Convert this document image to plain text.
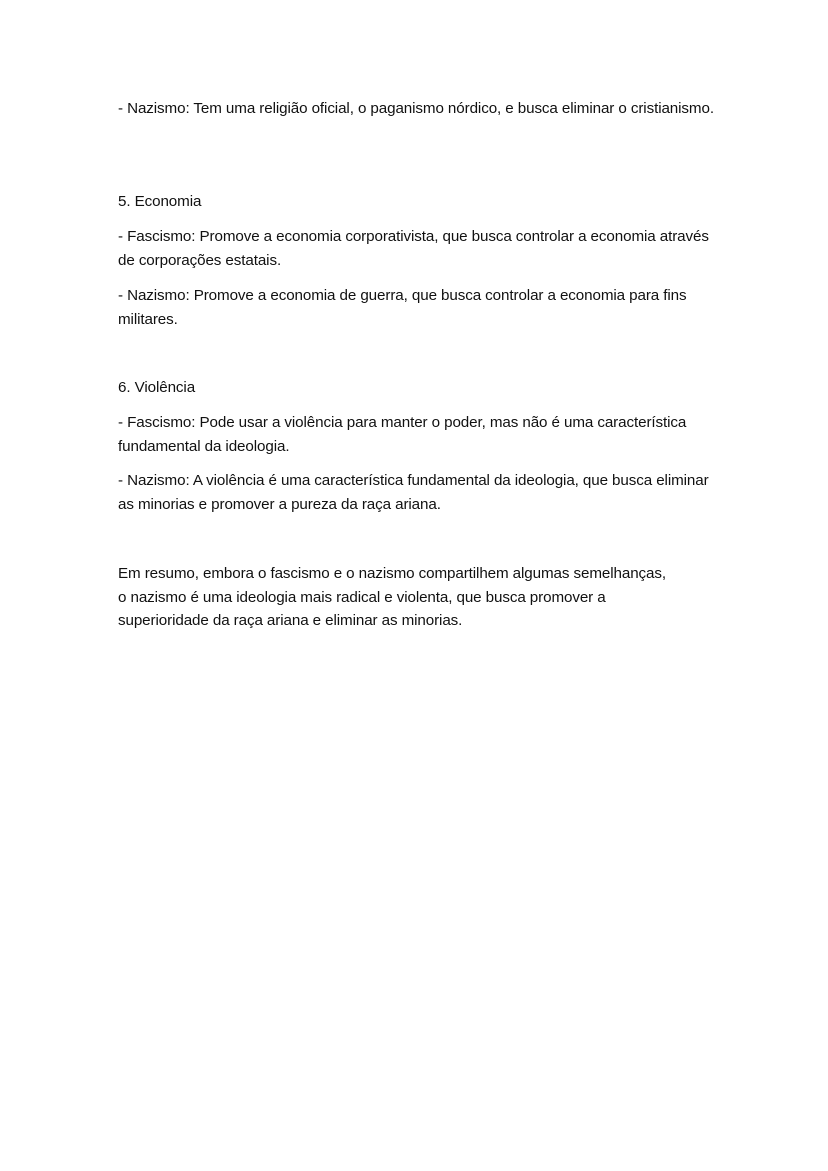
- Nazismo: Tem uma religião oficial, o paganismo nórdico, e busca eliminar o cristianismo.

5. Economia

- Fascismo: Promove a economia corporativista, que busca controlar a economia através de corporações estatais.

- Nazismo: Promove a economia de guerra, que busca controlar a economia para fins militares.

6. Violência

- Fascismo: Pode usar a violência para manter o poder, mas não é uma característica fundamental da ideologia.

- Nazismo: A violência é uma característica fundamental da ideologia, que busca eliminar as minorias e promover a pureza da raça ariana.

Em resumo, embora o fascismo e o nazismo compartilhem algumas semelhanças, o nazismo é uma ideologia mais radical e violenta, que busca promover a superioridade da raça ariana e eliminar as minorias.
